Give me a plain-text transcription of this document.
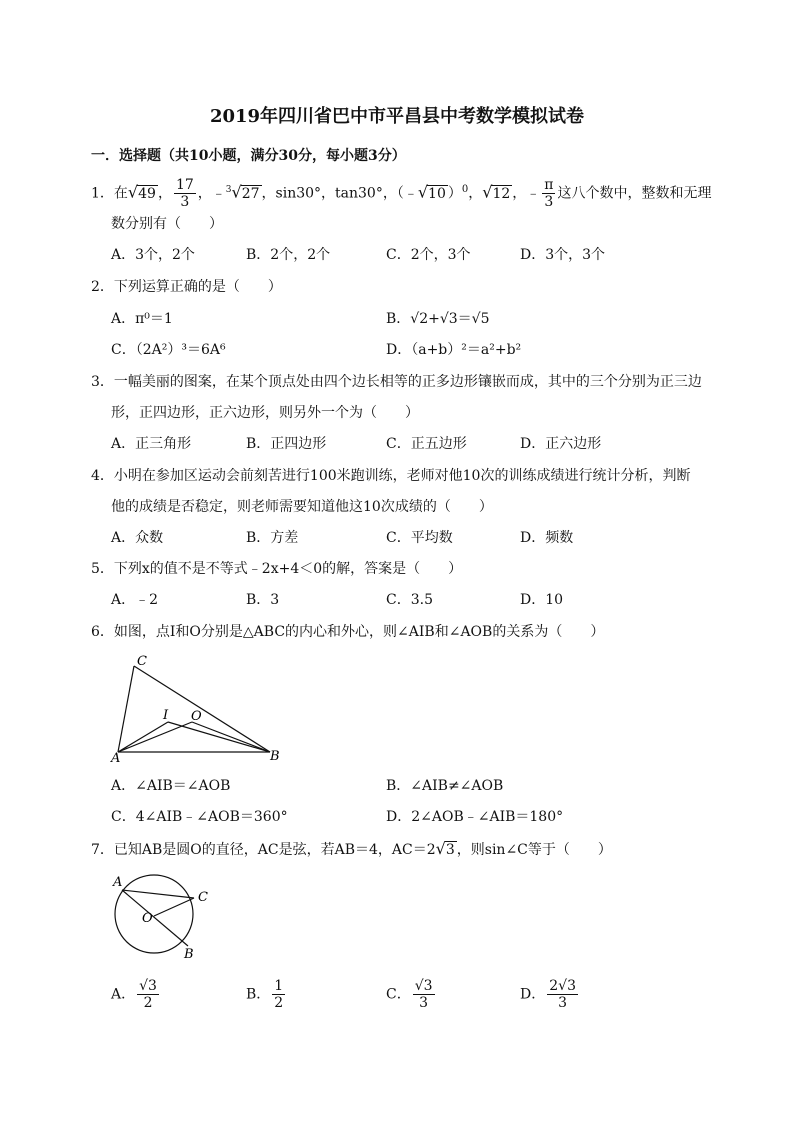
2019年四川省巴中市平昌县中考数学模拟试卷
一．选择题（共10小题，满分30分，每小题3分）
1．在√49 ， $\frac{17}{3}$ ，﹣$^3$√27 ，sin30°，tan30°，（﹣√10 ）$^0$，√12 ，﹣ $\frac{\pi}{3}$ 这八个数中，整数和无理
数分别有（　　）
A．3个，2个	B．2个，2个	C．2个，3个	D．3个，3个
2．下列运算正确的是（　　）
A．π⁰＝1	B．√2+√3＝√5
C．（2A²）³＝6A⁶	D．（a+b）²＝a²+b²
3．一幅美丽的图案，在某个顶点处由四个边长相等的正多边形镶嵌而成，其中的三个分别为正三边
形，正四边形，正六边形，则另外一个为（　　）
A．正三角形	B．正四边形	C．正五边形	D．正六边形
4．小明在参加区运动会前刻苦进行100米跑训练，老师对他10次的训练成绩进行统计分析，判断
他的成绩是否稳定，则老师需要知道他这10次成绩的（　　）
A．众数	B．方差	C．平均数	D．频数
5．下列x的值不是不等式﹣2x+4＜0的解，答案是（　　）
A．﹣2	B．3	C．3.5	D．10
6．如图，点I和O分别是△ABC的内心和外心，则∠AIB和∠AOB的关系为（　　）
C
I O
A	B
A．∠AIB＝∠AOB	B．∠AIB≠∠AOB
C．4∠AIB﹣∠AOB＝360°	D．2∠AOB﹣∠AIB＝180°
7．已知AB是圆O的直径，AC是弦，若AB＝4，AC＝2√3 ，则sin∠C等于（　　）
A
C
O
B
A． $\frac{√3}{2}$	B． $\frac{1}{2}$	C． $\frac{√3}{3}$	D． $\frac{2√3}{3}$
